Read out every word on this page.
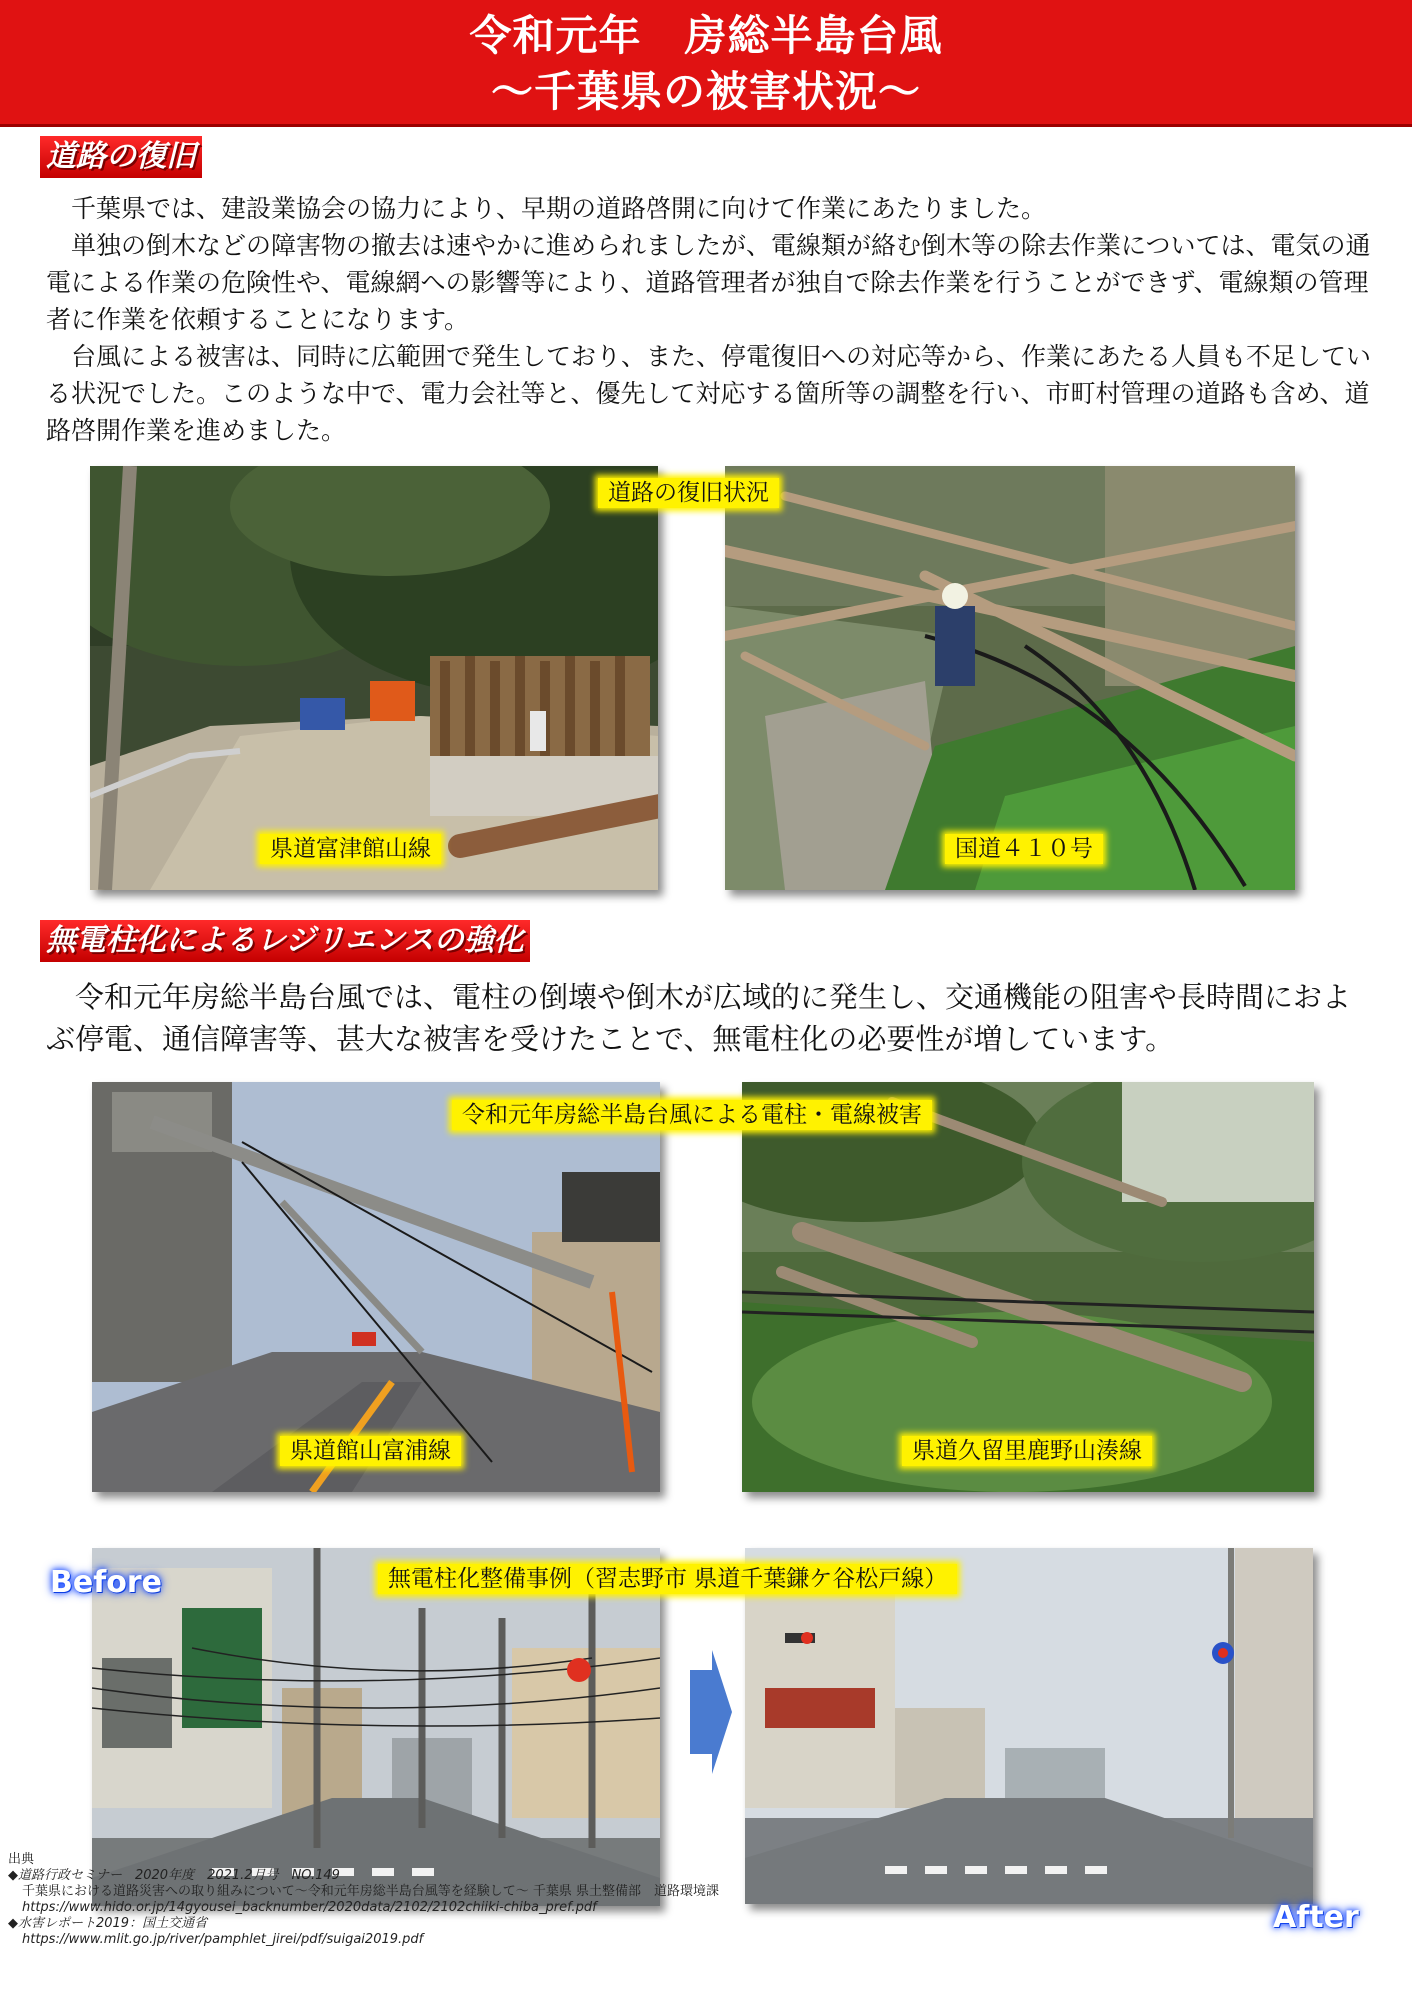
令和元年　房総半島台風
～千葉県の被害状況～
道路の復旧

千葉県では、建設業協会の協力により、早期の道路啓開に向けて作業にあたりました。

単独の倒木などの障害物の撤去は速やかに進められましたが、電線類が絡む倒木等の除去作業については、電気の通電による作業の危険性や、電線網への影響等により、道路管理者が独自で除去作業を行うことができず、電線類の管理者に作業を依頼することになります。

台風による被害は、同時に広範囲で発生しており、また、停電復旧への対応等から、作業にあたる人員も不足している状況でした。このような中で、電力会社等と、優先して対応する箇所等の調整を行い、市町村管理の道路も含め、道路啓開作業を進めました。

県道富津館山線	国道４１０号
道路の復旧状況
無電柱化によるレジリエンスの強化

令和元年房総半島台風では、電柱の倒壊や倒木が広域的に発生し、交通機能の阻害や長時間におよぶ停電、通信障害等、甚大な被害を受けたことで、無電柱化の必要性が増しています。

県道館山富浦線	県道久留里鹿野山湊線
令和元年房総半島台風による電柱・電線被害
無電柱化整備事例（習志野市 県道千葉鎌ケ谷松戸線）
Before
After
出典
◆道路行政セミナー　2020年度　2021.2月号　NO.149
千葉県における道路災害への取り組みについて～令和元年房総半島台風等を経験して～ 千葉県 県土整備部　道路環境課
https://www.hido.or.jp/14gyousei_backnumber/2020data/2102/2102chiiki-chiba_pref.pdf
◆水害レポート2019：国土交通省
https://www.mlit.go.jp/river/pamphlet_jirei/pdf/suigai2019.pdf
